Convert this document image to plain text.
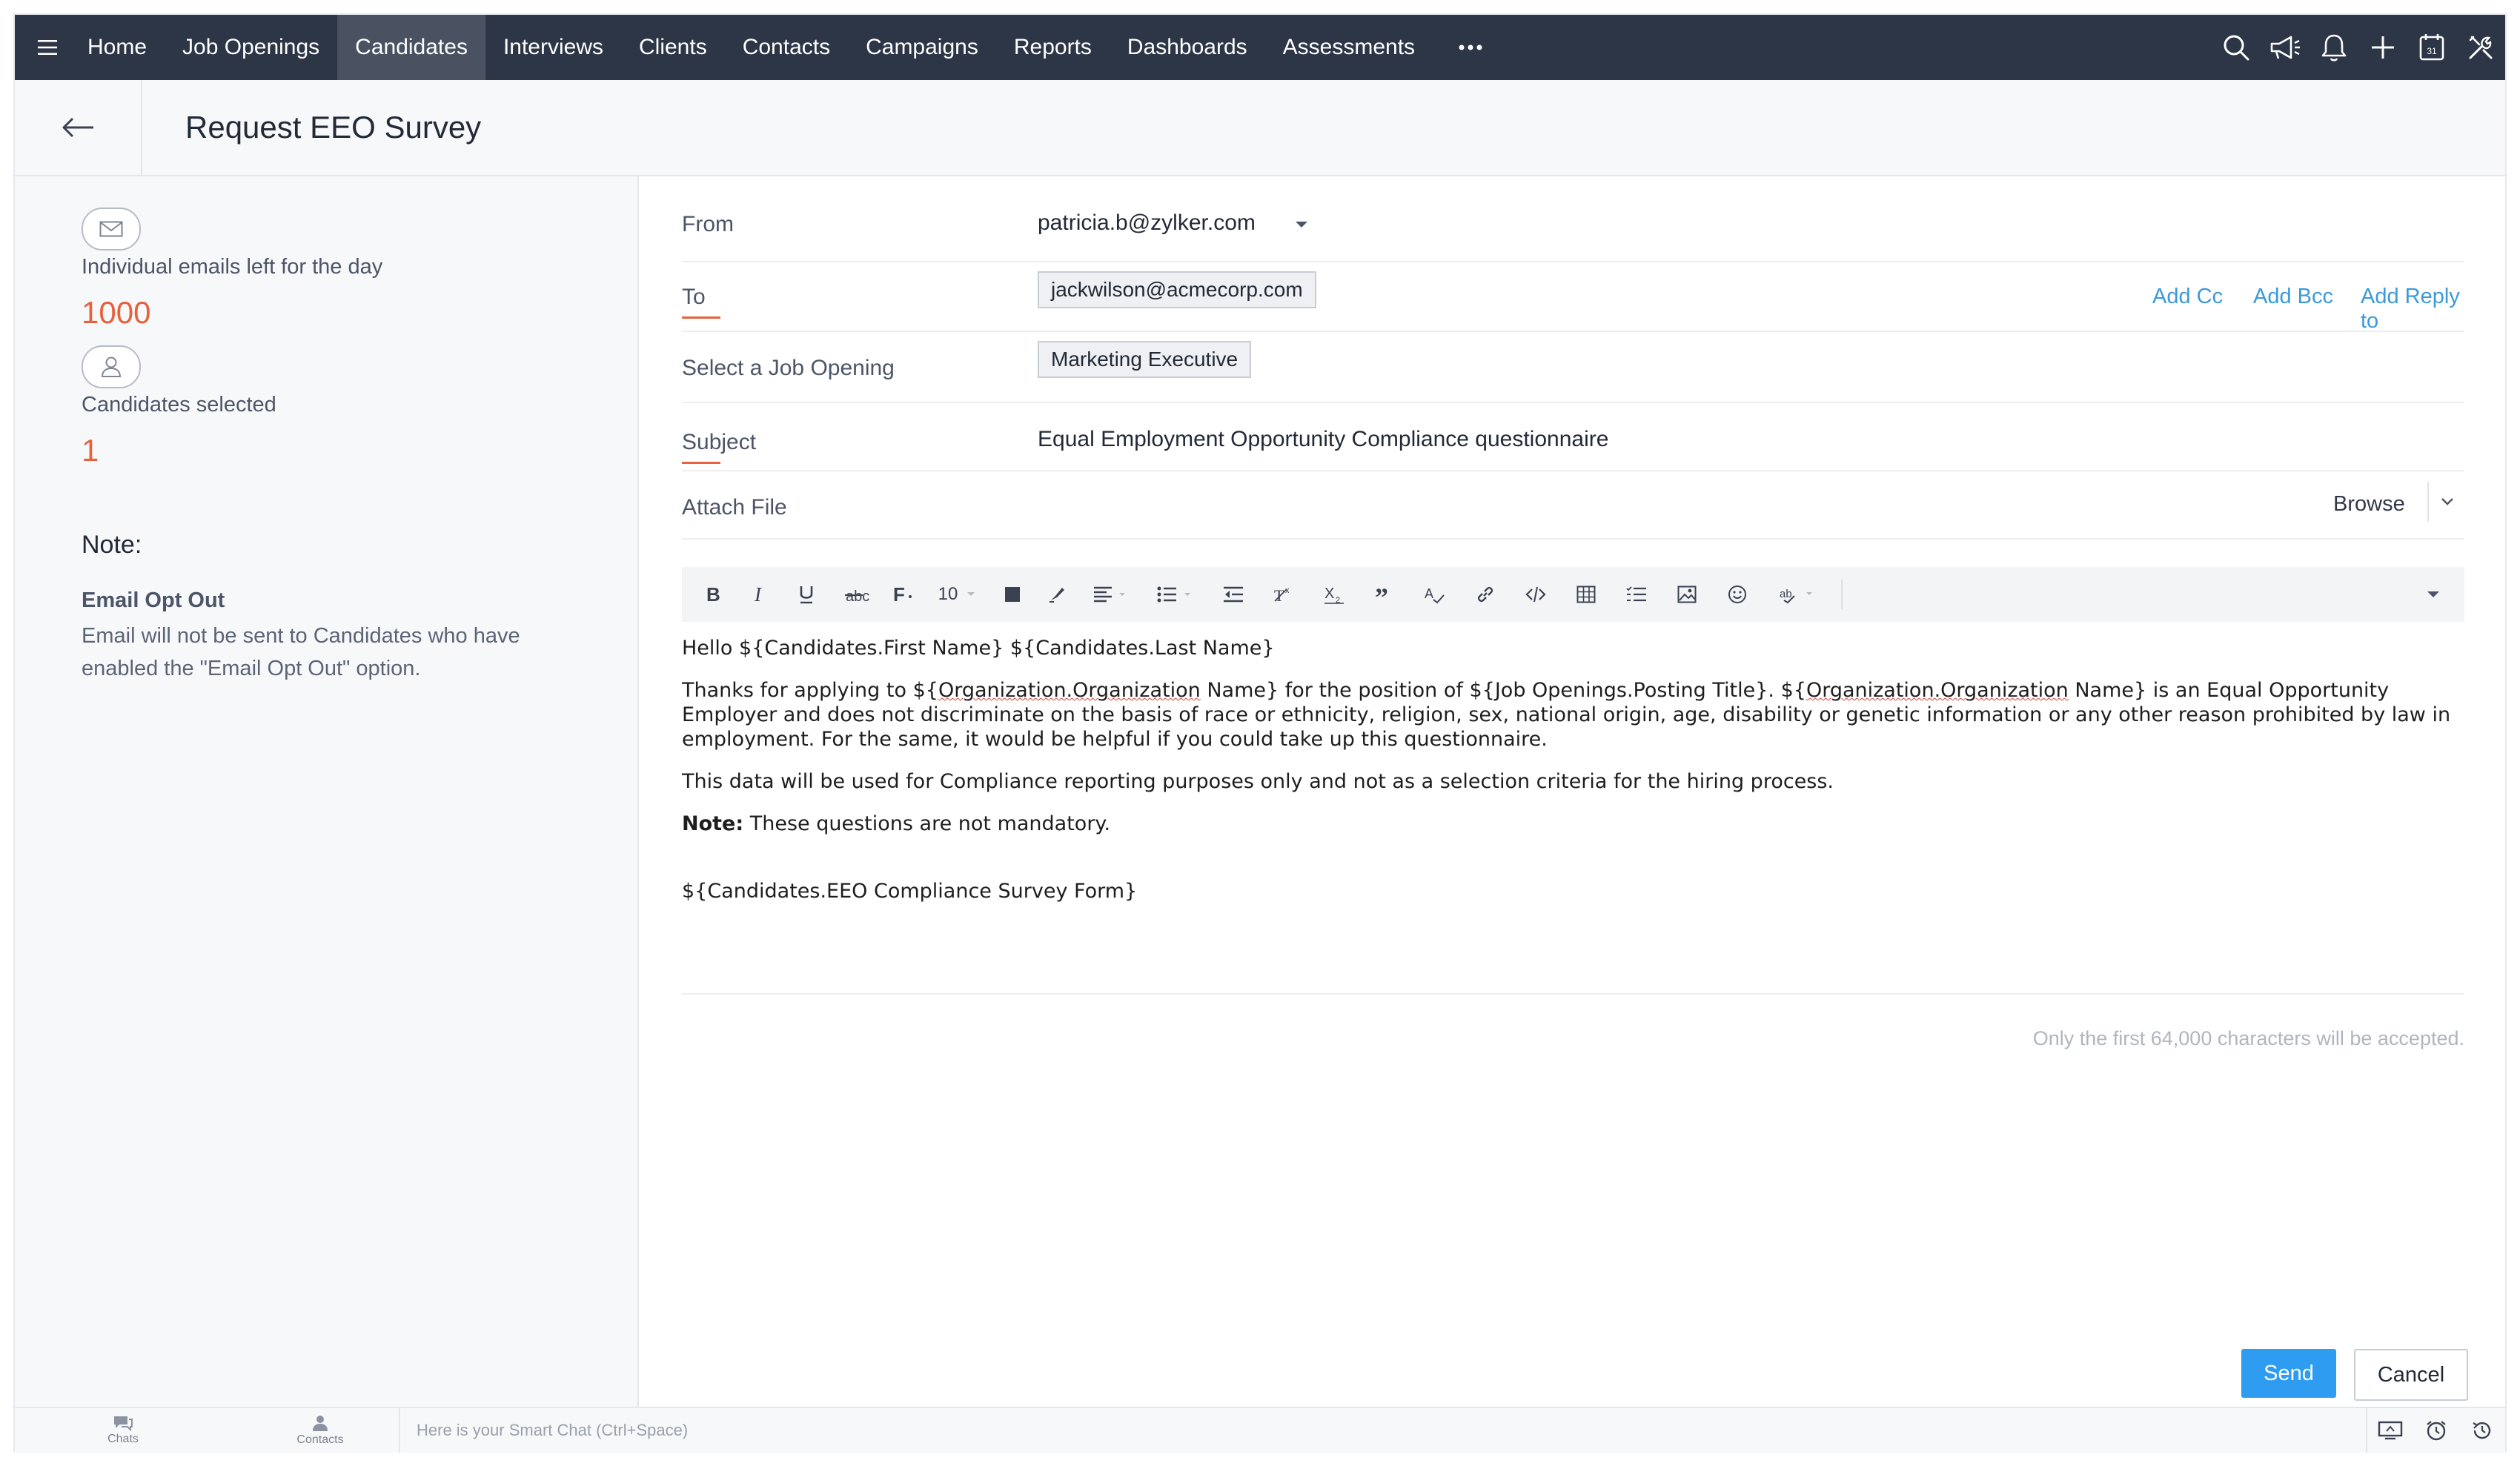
Home	Job Openings	Candidates	Interviews	Clients	Contacts	Campaigns	Reports	Dashboards	Assessments	31
Request EEO Survey
Individual emails left for the day
1000
Candidates selected
1
Note:
Email Opt Out
Email will not be sent to Candidates who have enabled the "Email Opt Out" option.
From	patricia.b@zylker.com
To	jackwilson@acmecorp.com	Add Cc Add Bcc Add Reply to
Select a Job Opening	Marketing Executive
Subject	Equal Employment Opportunity Compliance questionnaire
Attach File	Browse
B I	abc F 10	T x X 2 ”	A	ab

Hello ${Candidates.First Name} ${Candidates.Last Name}

Thanks for applying to ${Organization.Organization Name} for the position of ${Job Openings.Posting Title}. ${Organization.Organization Name} is an Equal Opportunity Employer and does not discriminate on the basis of race or ethnicity, religion, sex, national origin, age, disability or genetic information or any other reason prohibited by law in employment. For the same, it would be helpful if you could take up this questionnaire.

This data will be used for Compliance reporting purposes only and not as a selection criteria for the hiring process.

Note: These questions are not mandatory.

${Candidates.EEO Compliance Survey Form}

Only the first 64,000 characters will be accepted.
Send	Cancel
Chats	Contacts
Here is your Smart Chat (Ctrl+Space)
